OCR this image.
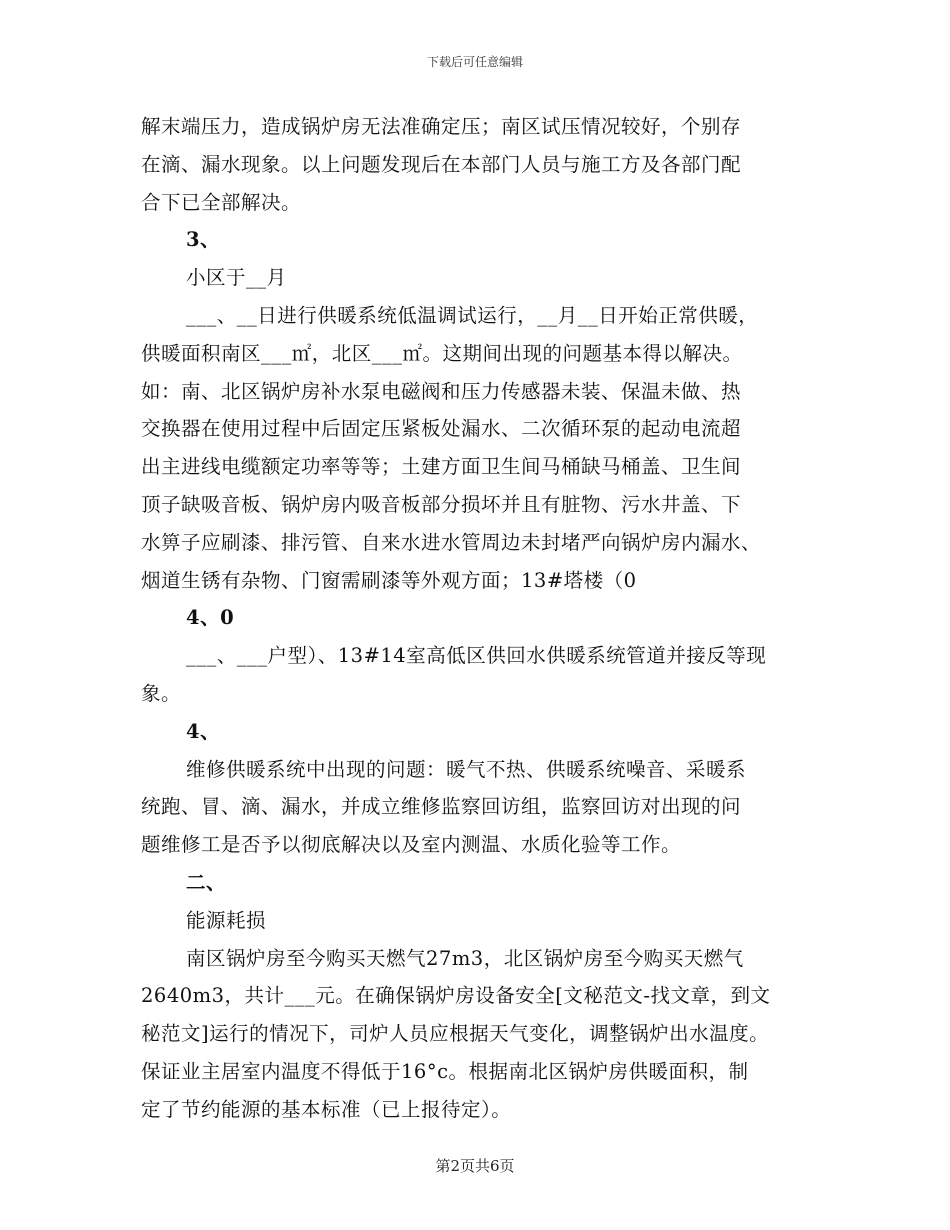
下载后可任意编辑
解末端压力，造成锅炉房无法准确定压；南区试压情况较好，个别存
在滴、漏水现象。以上问题发现后在本部门人员与施工方及各部门配
合下已全部解决。
3、
小区于__月
___、__日进行供暖系统低温调试运行，__月__日开始正常供暖，
供暖面积南区___㎡，北区___㎡。这期间出现的问题基本得以解决。
如：南、北区锅炉房补水泵电磁阀和压力传感器未装、保温未做、热
交换器在使用过程中后固定压紧板处漏水、二次循环泵的起动电流超
出主进线电缆额定功率等等；土建方面卫生间马桶缺马桶盖、卫生间
顶子缺吸音板、锅炉房内吸音板部分损坏并且有脏物、污水井盖、下
水箅子应刷漆、排污管、自来水进水管周边未封堵严向锅炉房内漏水、
烟道生锈有杂物、门窗需刷漆等外观方面；13#塔楼（0
4、0
___、___户型）、13#14室高低区供回水供暖系统管道并接反等现
象。
4、
维修供暖系统中出现的问题：暖气不热、供暖系统噪音、采暖系
统跑、冒、滴、漏水，并成立维修监察回访组，监察回访对出现的问
题维修工是否予以彻底解决以及室内测温、水质化验等工作。
二、
能源耗损
南区锅炉房至今购买天燃气27m3，北区锅炉房至今购买天燃气
2640m3，共计___元。在确保锅炉房设备安全[文秘范文-找文章，到文
秘范文]运行的情况下，司炉人员应根据天气变化，调整锅炉出水温度。
保证业主居室内温度不得低于16°c。根据南北区锅炉房供暖面积，制
定了节约能源的基本标准（已上报待定）。
第2页共6页
